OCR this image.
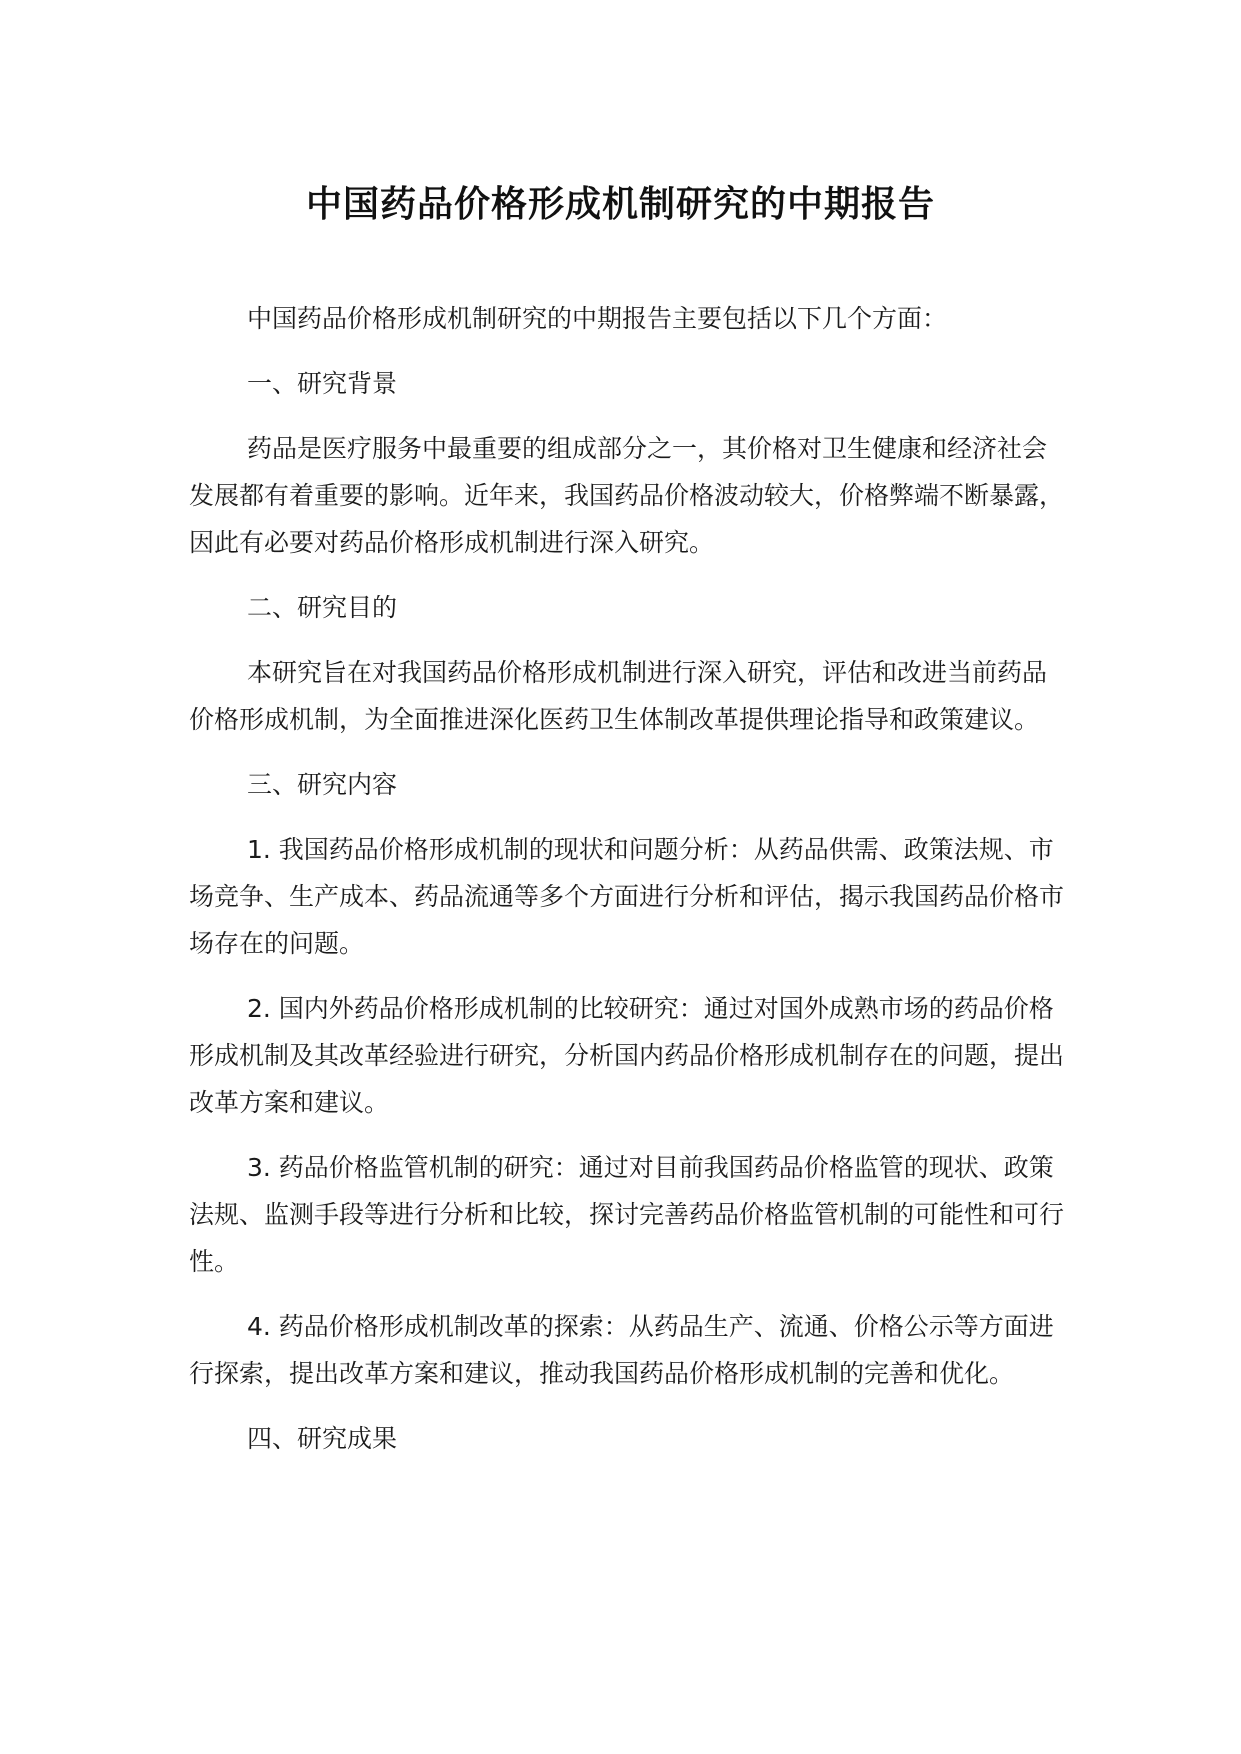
中国药品价格形成机制研究的中期报告

中国药品价格形成机制研究的中期报告主要包括以下几个方面：

一、研究背景

药品是医疗服务中最重要的组成部分之一，其价格对卫生健康和经济社会发展都有着重要的影响。近年来，我国药品价格波动较大，价格弊端不断暴露，因此有必要对药品价格形成机制进行深入研究。

二、研究目的

本研究旨在对我国药品价格形成机制进行深入研究，评估和改进当前药品价格形成机制，为全面推进深化医药卫生体制改革提供理论指导和政策建议。

三、研究内容

1. 我国药品价格形成机制的现状和问题分析：从药品供需、政策法规、市场竞争、生产成本、药品流通等多个方面进行分析和评估，揭示我国药品价格市场存在的问题。

2. 国内外药品价格形成机制的比较研究：通过对国外成熟市场的药品价格形成机制及其改革经验进行研究，分析国内药品价格形成机制存在的问题，提出改革方案和建议。

3. 药品价格监管机制的研究：通过对目前我国药品价格监管的现状、政策法规、监测手段等进行分析和比较，探讨完善药品价格监管机制的可能性和可行性。

4. 药品价格形成机制改革的探索：从药品生产、流通、价格公示等方面进行探索，提出改革方案和建议，推动我国药品价格形成机制的完善和优化。

四、研究成果
